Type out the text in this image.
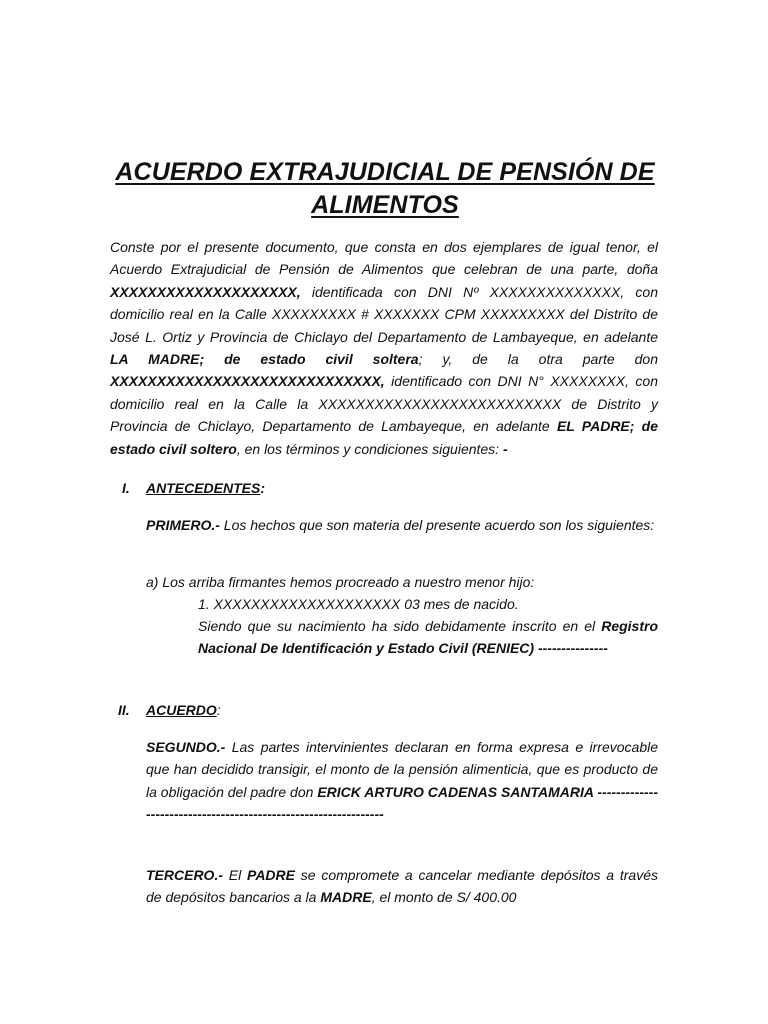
ACUERDO EXTRAJUDICIAL DE PENSIÓN DE ALIMENTOS
Conste por el presente documento, que consta en dos ejemplares de igual tenor, el Acuerdo Extrajudicial de Pensión de Alimentos que celebran de una parte, doña XXXXXXXXXXXXXXXXXXXX, identificada con DNI Nº XXXXXXXXXXXXXX, con domicilio real en la Calle XXXXXXXXX # XXXXXXX CPM XXXXXXXXX del Distrito de José L. Ortiz y Provincia de Chiclayo del Departamento de Lambayeque, en adelante LA MADRE; de estado civil soltera; y, de la otra parte don XXXXXXXXXXXXXXXXXXXXXXXXXXXXX, identificado con DNI N° XXXXXXXX, con domicilio real en la Calle la XXXXXXXXXXXXXXXXXXXXXXXXXX de Distrito y Provincia de Chiclayo, Departamento de Lambayeque, en adelante EL PADRE; de estado civil soltero, en los términos y condiciones siguientes: -
I. ANTECEDENTES:
PRIMERO.- Los hechos que son materia del presente acuerdo son los siguientes:
a) Los arriba firmantes hemos procreado a nuestro menor hijo:
1. XXXXXXXXXXXXXXXXXXXX 03 mes de nacido.
Siendo que su nacimiento ha sido debidamente inscrito en el Registro Nacional De Identificación y Estado Civil (RENIEC) ---------------
II. ACUERDO:
SEGUNDO.- Las partes intervinientes declaran en forma expresa e irrevocable que han decidido transigir, el monto de la pensión alimenticia, que es producto de la obligación del padre don ERICK ARTURO CADENAS SANTAMARIA ----------------------------------------------------------------
TERCERO.- El PADRE se compromete a cancelar mediante depósitos a través de depósitos bancarios a la MADRE, el monto de S/ 400.00
